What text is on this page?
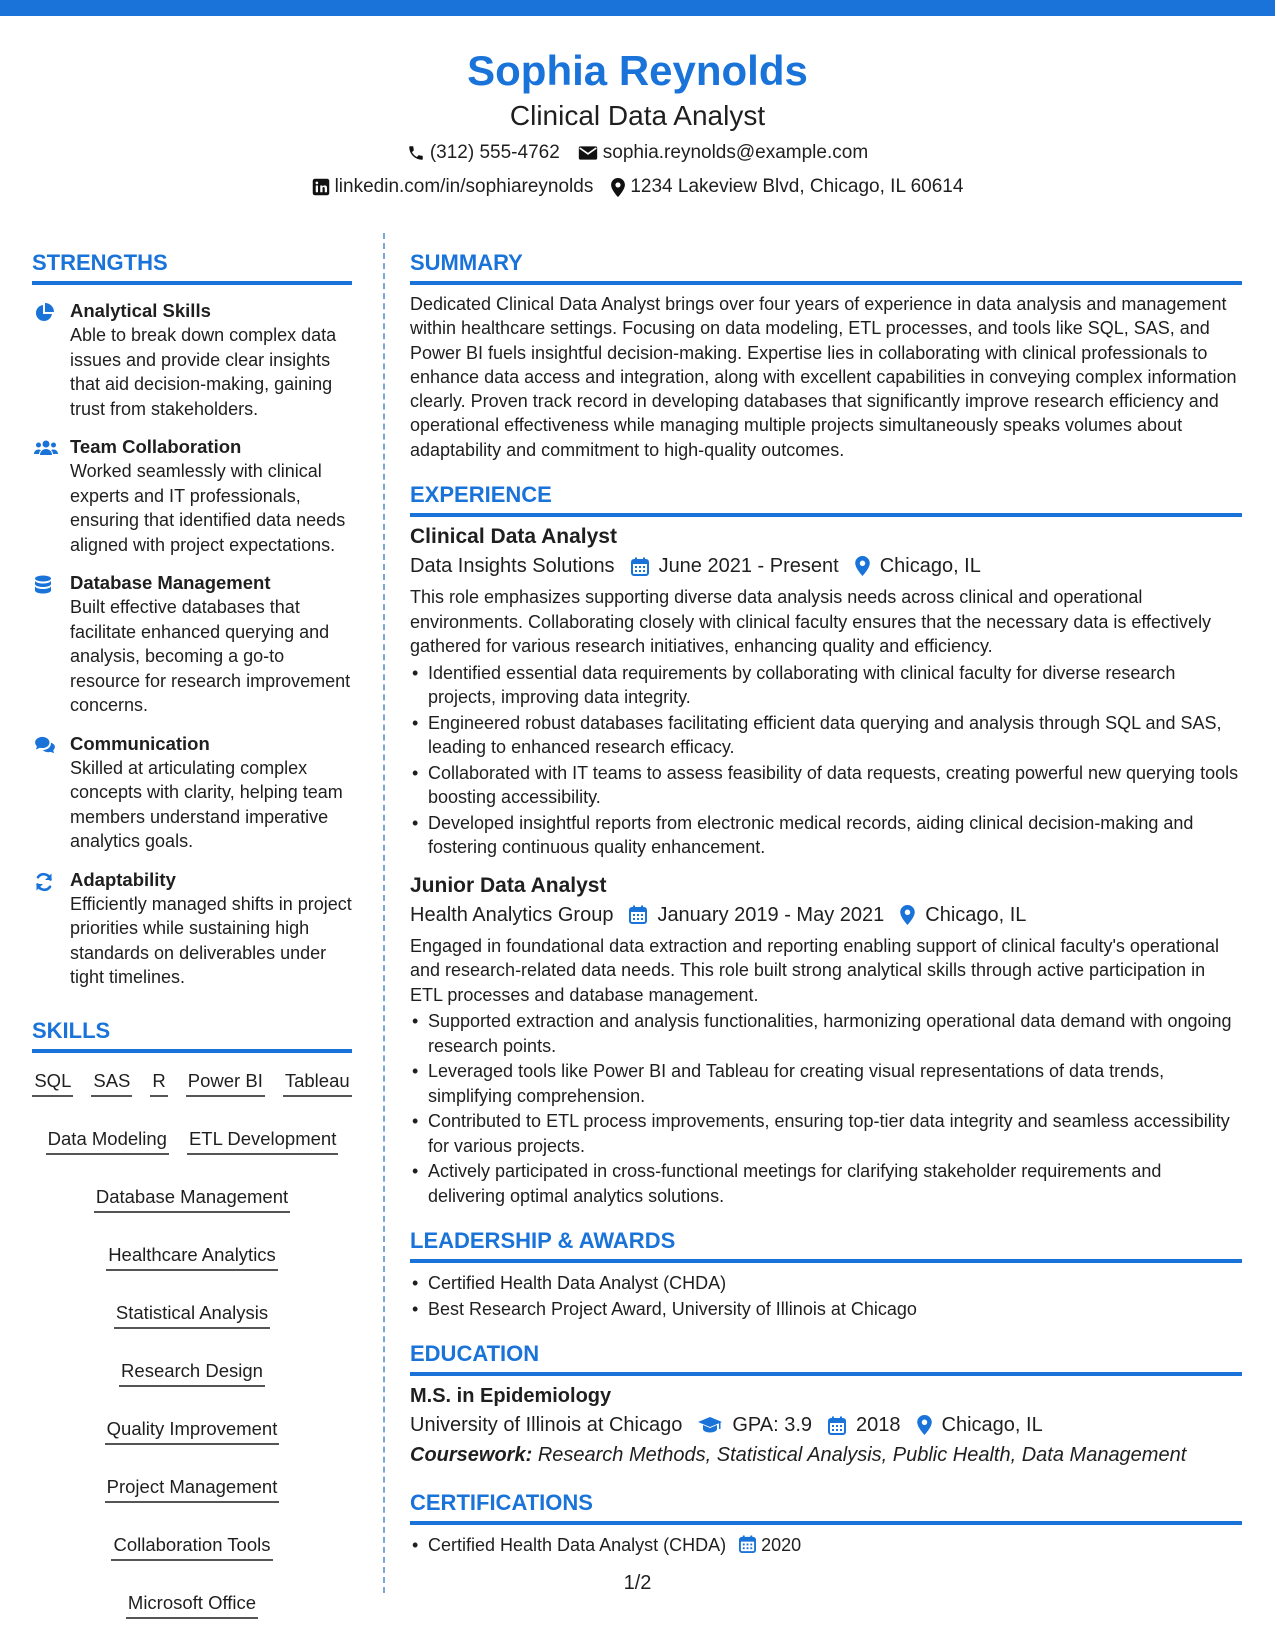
Sophia Reynolds
Clinical Data Analyst
(312) 555-4762 sophia.reynolds@example.com
linkedin.com/in/sophiareynolds 1234 Lakeview Blvd, Chicago, IL 60614
STRENGTHS
Analytical Skills
Able to break down complex data issues and provide clear insights that aid decision-making, gaining trust from stakeholders.
Team Collaboration
Worked seamlessly with clinical experts and IT professionals, ensuring that identified data needs aligned with project expectations.
Database Management
Built effective databases that facilitate enhanced querying and analysis, becoming a go-to resource for research improvement concerns.
Communication
Skilled at articulating complex concepts with clarity, helping team members understand imperative analytics goals.
Adaptability
Efficiently managed shifts in project priorities while sustaining high standards on deliverables under tight timelines.
SKILLS
SQL SAS R Power BI Tableau
Data Modeling ETL Development
Database Management
Healthcare Analytics
Statistical Analysis
Research Design
Quality Improvement
Project Management
Collaboration Tools
Microsoft Office
SUMMARY
Dedicated Clinical Data Analyst brings over four years of experience in data analysis and management within healthcare settings. Focusing on data modeling, ETL processes, and tools like SQL, SAS, and Power BI fuels insightful decision-making. Expertise lies in collaborating with clinical professionals to enhance data access and integration, along with excellent capabilities in conveying complex information clearly. Proven track record in developing databases that significantly improve research efficiency and operational effectiveness while managing multiple projects simultaneously speaks volumes about adaptability and commitment to high-quality outcomes.
EXPERIENCE
Clinical Data Analyst
Data Insights Solutions June 2021 - Present Chicago, IL
This role emphasizes supporting diverse data analysis needs across clinical and operational environments. Collaborating closely with clinical faculty ensures that the necessary data is effectively gathered for various research initiatives, enhancing quality and efficiency.
• Identified essential data requirements by collaborating with clinical faculty for diverse research projects, improving data integrity.
• Engineered robust databases facilitating efficient data querying and analysis through SQL and SAS, leading to enhanced research efficacy.
• Collaborated with IT teams to assess feasibility of data requests, creating powerful new querying tools boosting accessibility.
• Developed insightful reports from electronic medical records, aiding clinical decision-making and fostering continuous quality enhancement.
Junior Data Analyst
Health Analytics Group January 2019 - May 2021 Chicago, IL
Engaged in foundational data extraction and reporting enabling support of clinical faculty's operational and research-related data needs. This role built strong analytical skills through active participation in ETL processes and database management.
• Supported extraction and analysis functionalities, harmonizing operational data demand with ongoing research points.
• Leveraged tools like Power BI and Tableau for creating visual representations of data trends, simplifying comprehension.
• Contributed to ETL process improvements, ensuring top-tier data integrity and seamless accessibility for various projects.
• Actively participated in cross-functional meetings for clarifying stakeholder requirements and delivering optimal analytics solutions.
LEADERSHIP & AWARDS
• Certified Health Data Analyst (CHDA)
• Best Research Project Award, University of Illinois at Chicago
EDUCATION
M.S. in Epidemiology
University of Illinois at Chicago	GPA: 3.9 2018 Chicago, IL
Coursework: Research Methods, Statistical Analysis, Public Health, Data Management
CERTIFICATIONS
• Certified Health Data Analyst (CHDA) 2020
1/2
